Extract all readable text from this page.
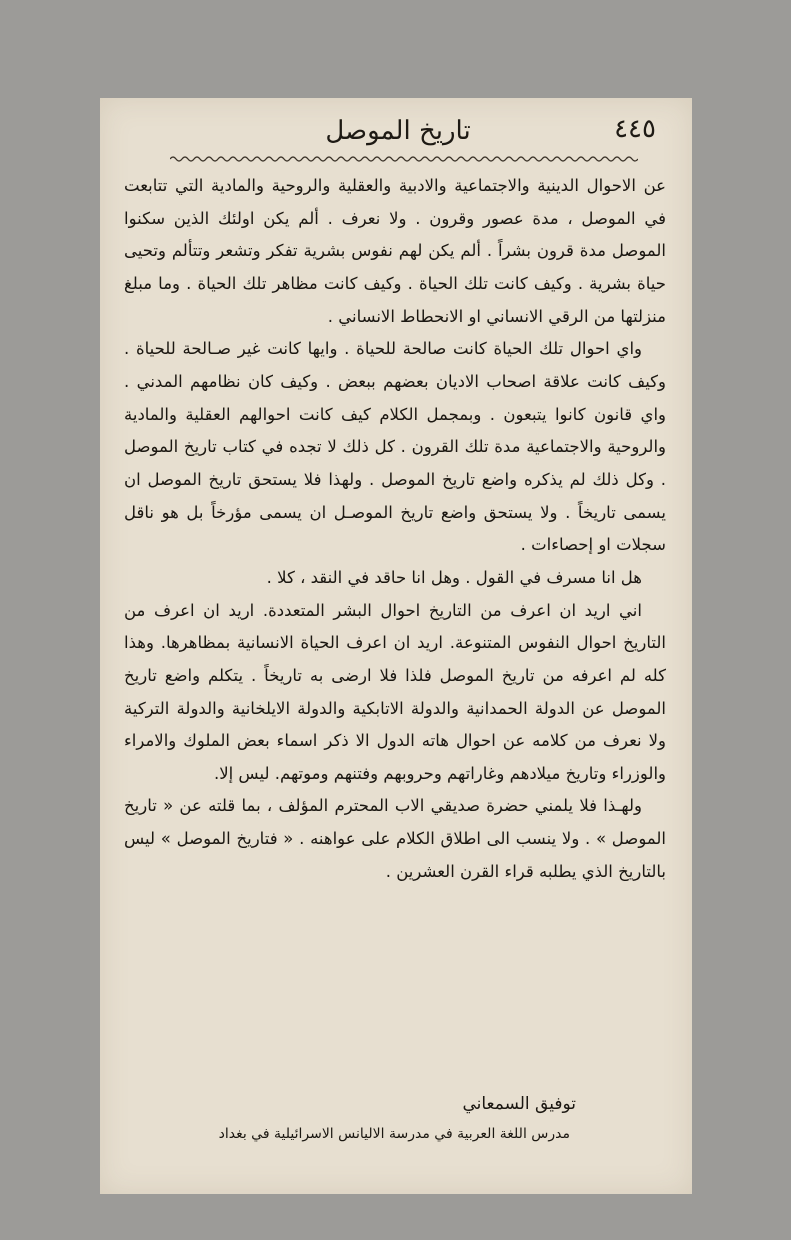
٤٤٥
تاريخ الموصل

عن الاحوال الدينية والاجتماعية والادبية والعقلية والروحية والمادية التي تتابعت في الموصل ، مدة عصور وقرون . ولا نعرف . ألم يكن اولئك الذين سكنوا الموصل مدة قرون بشراً . ألم يكن لهم نفوس بشرية تفكر وتشعر وتتألم وتحيى حياة بشرية . وكيف كانت تلك الحياة . وكيف كانت مظاهر تلك الحياة . وما مبلغ منزلتها من الرقي الانساني او الانحطاط الانساني .

واي احوال تلك الحياة كانت صالحة للحياة . وايها كانت غير صـالحة للحياة . وكيف كانت علاقة اصحاب الاديان بعضهم ببعض . وكيف كان نظامهم المدني . واي قانون كانوا يتبعون . وبمجمل الكلام كيف كانت احوالهم العقلية والمادية والروحية والاجتماعية مدة تلك القرون . كل ذلك لا تجده في كتاب تاريخ الموصل . وكل ذلك لم يذكره واضع تاريخ الموصل . ولهذا فلا يستحق تاريخ الموصل ان يسمى تاريخاً . ولا يستحق واضع تاريخ الموصـل ان يسمى مؤرخاً بل هو ناقل سجلات او إحصاءات .

هل انا مسرف في القول . وهل انا حاقد في النقد ، كلا .

اني اريد ان اعرف من التاريخ احوال البشر المتعددة. اريد ان اعرف من التاريخ احوال النفوس المتنوعة. اريد ان اعرف الحياة الانسانية بمظاهرها. وهذا كله لم اعرفه من تاريخ الموصل فلذا فلا ارضى به تاريخاً . يتكلم واضع تاريخ الموصل عن الدولة الحمدانية والدولة الاتابكية والدولة الايلخانية والدولة التركية ولا نعرف من كلامه عن احوال هاته الدول الا ذكر اسماء بعض الملوك والامراء والوزراء وتاريخ ميلادهم وغاراتهم وحروبهم وفتنهم وموتهم. ليس إلا.

ولهـذا فلا يلمني حضرة صديقي الاب المحترم المؤلف ، بما قلته عن « تاريخ الموصل » . ولا ينسب الى اطلاق الكلام على عواهنه . « فتاريخ الموصل » ليس بالتاريخ الذي يطلبه قراء القرن العشرين .

توفيق السمعاني
مدرس اللغة العربية في مدرسة الاليانس الاسرائيلية في بغداد
